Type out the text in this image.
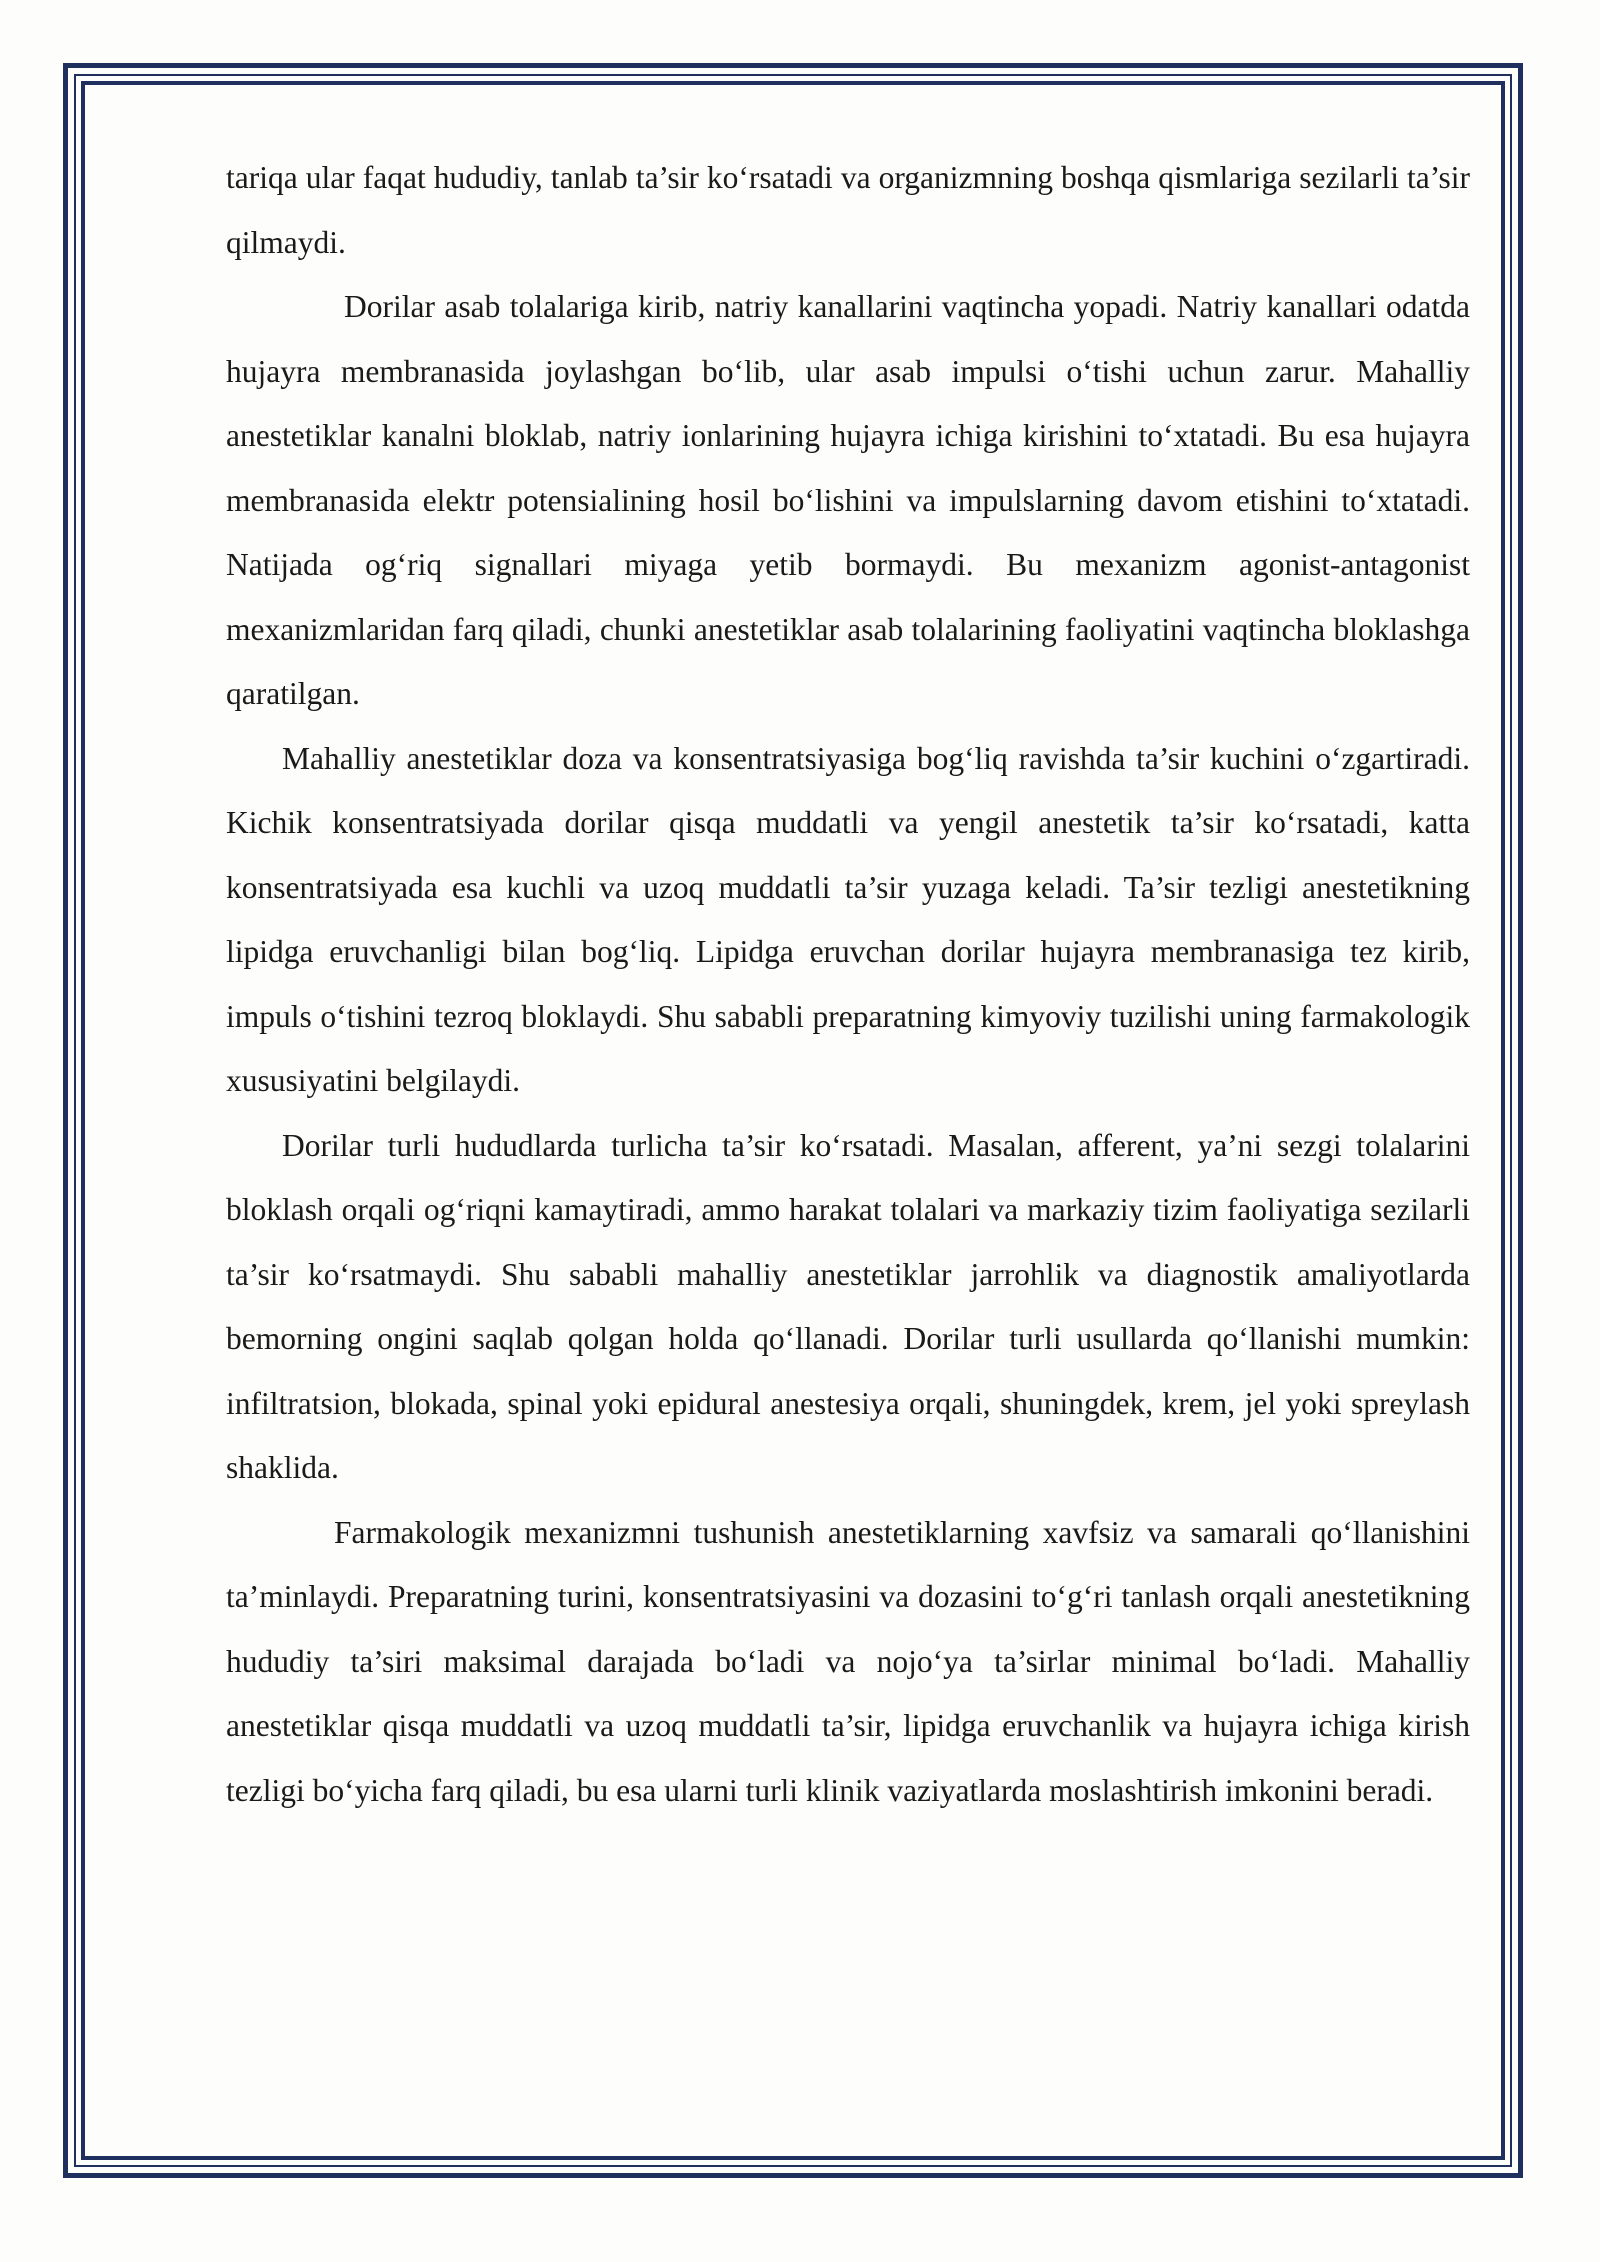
tariqa ular faqat hududiy, tanlab ta’sir ko‘rsatadi va organizmning boshqa qismlariga sezilarli ta’sir qilmaydi.

Dorilar asab tolalariga kirib, natriy kanallarini vaqtincha yopadi. Natriy kanallari odatda hujayra membranasida joylashgan bo‘lib, ular asab impulsi o‘tishi uchun zarur. Mahalliy anestetiklar kanalni bloklab, natriy ionlarining hujayra ichiga kirishini to‘xtatadi. Bu esa hujayra membranasida elektr potensialining hosil bo‘lishini va impulslarning davom etishini to‘xtatadi. Natijada og‘riq signallari miyaga yetib bormaydi. Bu mexanizm agonist-antagonist mexanizmlaridan farq qiladi, chunki anestetiklar asab tolalarining faoliyatini vaqtincha bloklashga qaratilgan.

Mahalliy anestetiklar doza va konsentratsiyasiga bog‘liq ravishda ta’sir kuchini o‘zgartiradi. Kichik konsentratsiyada dorilar qisqa muddatli va yengil anestetik ta’sir ko‘rsatadi, katta konsentratsiyada esa kuchli va uzoq muddatli ta’sir yuzaga keladi. Ta’sir tezligi anestetikning lipidga eruvchanligi bilan bog‘liq. Lipidga eruvchan dorilar hujayra membranasiga tez kirib, impuls o‘tishini tezroq bloklaydi. Shu sababli preparatning kimyoviy tuzilishi uning farmakologik xususiyatini belgilaydi.

Dorilar turli hududlarda turlicha ta’sir ko‘rsatadi. Masalan, afferent, ya’ni sezgi tolalarini bloklash orqali og‘riqni kamaytiradi, ammo harakat tolalari va markaziy tizim faoliyatiga sezilarli ta’sir ko‘rsatmaydi. Shu sababli mahalliy anestetiklar jarrohlik va diagnostik amaliyotlarda bemorning ongini saqlab qolgan holda qo‘llanadi. Dorilar turli usullarda qo‘llanishi mumkin: infiltratsion, blokada, spinal yoki epidural anestesiya orqali, shuningdek, krem, jel yoki spreylash shaklida.

Farmakologik mexanizmni tushunish anestetiklarning xavfsiz va samarali qo‘llanishini ta’minlaydi. Preparatning turini, konsentratsiyasini va dozasini to‘g‘ri tanlash orqali anestetikning hududiy ta’siri maksimal darajada bo‘ladi va nojo‘ya ta’sirlar minimal bo‘ladi. Mahalliy anestetiklar qisqa muddatli va uzoq muddatli ta’sir, lipidga eruvchanlik va hujayra ichiga kirish tezligi bo‘yicha farq qiladi, bu esa ularni turli klinik vaziyatlarda moslashtirish imkonini beradi.
